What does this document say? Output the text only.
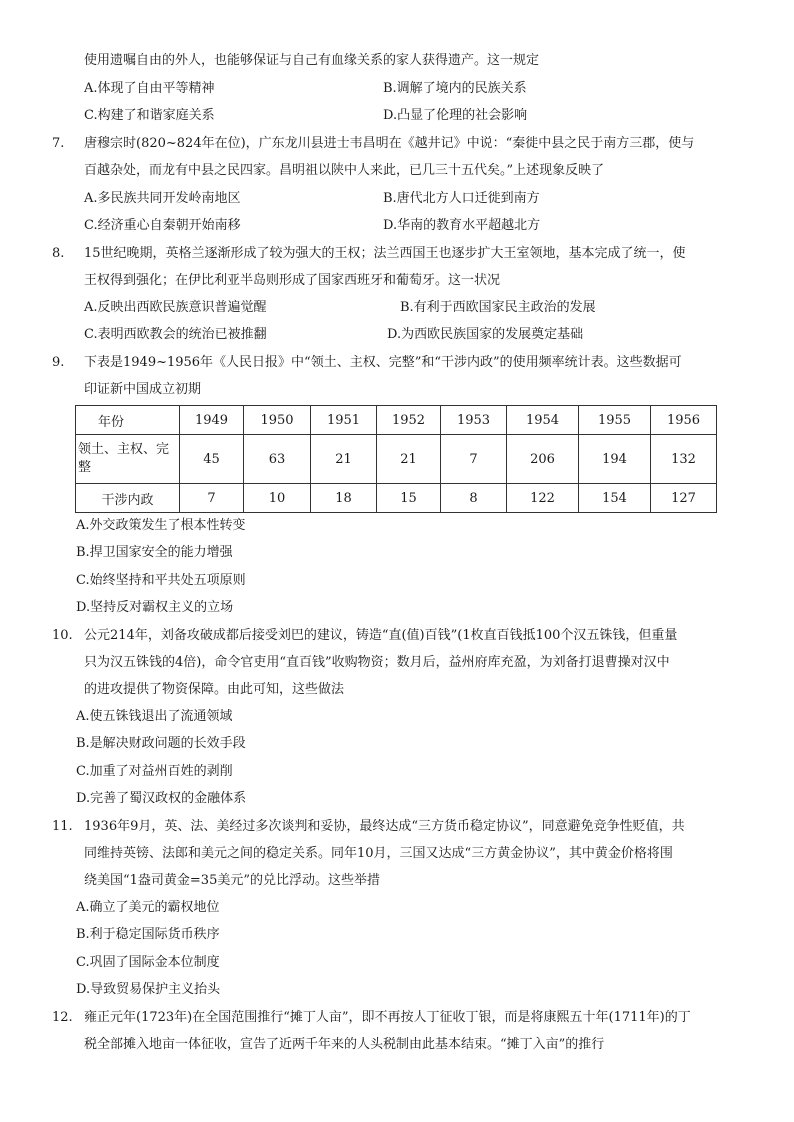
使用遗嘱自由的外人，也能够保证与自己有血缘关系的家人获得遗产。这一规定
A.体现了自由平等精神	B.调解了境内的民族关系
C.构建了和谐家庭关系	D.凸显了伦理的社会影响
7. 唐穆宗时(820~824年在位)，广东龙川县进士韦昌明在《越井记》中说：“秦徙中县之民于南方三郡，使与
百越杂处，而龙有中县之民四家。昌明祖以陕中人来此，已几三十五代矣。”上述现象反映了
A.多民族共同开发岭南地区	B.唐代北方人口迁徙到南方
C.经济重心自秦朝开始南移	D.华南的教育水平超越北方
8. 15世纪晚期，英格兰逐渐形成了较为强大的王权；法兰西国王也逐步扩大王室领地，基本完成了统一，使
王权得到强化；在伊比利亚半岛则形成了国家西班牙和葡萄牙。这一状况
A.反映出西欧民族意识普遍觉醒	B.有利于西欧国家民主政治的发展
C.表明西欧教会的统治已被推翻	D.为西欧民族国家的发展奠定基础
9. 下表是1949~1956年《人民日报》中“领土、主权、完整”和“干涉内政”的使用频率统计表。这些数据可
印证新中国成立初期
年份	1949	1950	1951	1952	1953	1954	1955	1956
领土、主权、完整	45	63	21	21	7	206	194	132
干涉内政	7	10	18	15	8	122	154	127
A.外交政策发生了根本性转变
B.捍卫国家安全的能力增强
C.始终坚持和平共处五项原则
D.坚持反对霸权主义的立场
10. 公元214年，刘备攻破成都后接受刘巴的建议，铸造“直(值)百钱”(1枚直百钱抵100个汉五铢钱，但重量
只为汉五铢钱的4倍)，命令官吏用“直百钱”收购物资；数月后，益州府库充盈，为刘备打退曹操对汉中
的进攻提供了物资保障。由此可知，这些做法
A.使五铢钱退出了流通领域
B.是解决财政问题的长效手段
C.加重了对益州百姓的剥削
D.完善了蜀汉政权的金融体系
11. 1936年9月，英、法、美经过多次谈判和妥协，最终达成“三方货币稳定协议”，同意避免竞争性贬值，共
同维持英镑、法郎和美元之间的稳定关系。同年10月，三国又达成“三方黄金协议”，其中黄金价格将围
绕美国“1盎司黄金=35美元”的兑比浮动。这些举措
A.确立了美元的霸权地位
B.利于稳定国际货币秩序
C.巩固了国际金本位制度
D.导致贸易保护主义抬头
12. 雍正元年(1723年)在全国范围推行“摊丁人亩”，即不再按人丁征收丁银，而是将康熙五十年(1711年)的丁
税全部摊入地亩一体征收，宣告了近两千年来的人头税制由此基本结束。“摊丁入亩”的推行
